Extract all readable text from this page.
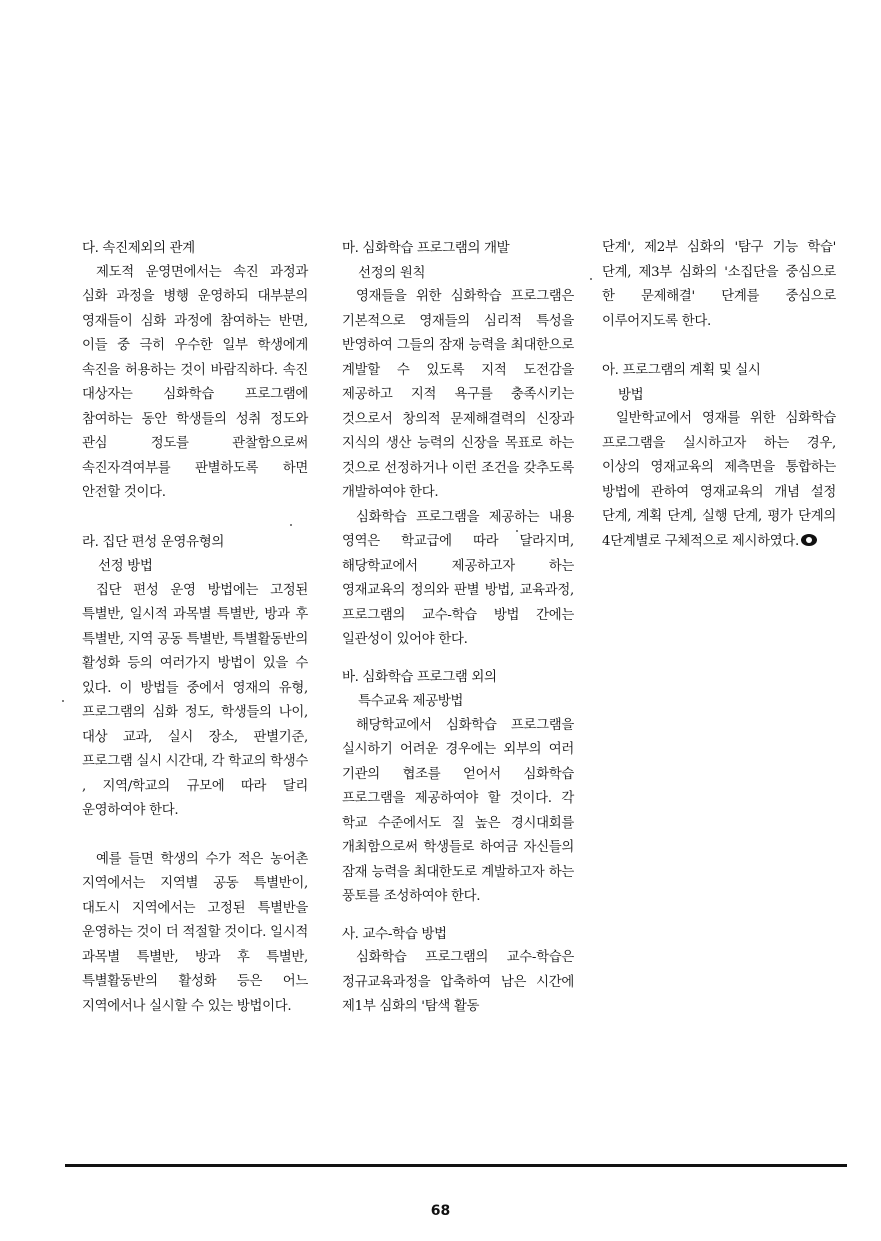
다. 속진제외의 관계

제도적 운영면에서는 속진 과정과 심화 과정을 병행 운영하되 대부분의 영재들이 심화 과정에 참여하는 반면, 이들 중 극히 우수한 일부 학생에게 속진을 허용하는 것이 바람직하다. 속진 대상자는 심화학습 프로그램에 참여하는 동안 학생들의 성취 정도와 관심 정도를 관찰함으로써 속진자격여부를 판별하도록 하면 안전할 것이다.

라. 집단 편성 운영유형의
선정 방법

집단 편성 운영 방법에는 고정된 특별반, 일시적 과목별 특별반, 방과 후 특별반, 지역 공동 특별반, 특별활동반의 활성화 등의 여러가지 방법이 있을 수 있다. 이 방법들 중에서 영재의 유형, 프로그램의 심화 정도, 학생들의 나이, 대상 교과, 실시 장소, 판별기준, 프로그램 실시 시간대, 각 학교의 학생수 , 지역/학교의 규모에 따라 달리 운영하여야 한다.

예를 들면 학생의 수가 적은 농어촌 지역에서는 지역별 공동 특별반이, 대도시 지역에서는 고정된 특별반을 운영하는 것이 더 적절할 것이다. 일시적 과목별 특별반, 방과 후 특별반, 특별활동반의 활성화 등은 어느 지역에서나 실시할 수 있는 방법이다.

마. 심화학습 프로그램의 개발
선정의 원칙

영재들을 위한 심화학습 프로그램은 기본적으로 영재들의 심리적 특성을 반영하여 그들의 잠재 능력을 최대한으로 계발할 수 있도록 지적 도전감을 제공하고 지적 욕구를 충족시키는 것으로서 창의적 문제해결력의 신장과 지식의 생산 능력의 신장을 목표로 하는 것으로 선정하거나 이런 조건을 갖추도록 개발하여야 한다.

심화학습 프로그램을 제공하는 내용 영역은 학교급에 따라 달라지며, 해당학교에서 제공하고자 하는 영재교육의 정의와 판별 방법, 교육과정, 프로그램의 교수-학습 방법 간에는 일관성이 있어야 한다.

바. 심화학습 프로그램 외의
특수교육 제공방법

해당학교에서 심화학습 프로그램을 실시하기 어려운 경우에는 외부의 여러 기관의 협조를 얻어서 심화학습 프로그램을 제공하여야 할 것이다. 각 학교 수준에서도 질 높은 경시대회를 개최함으로써 학생들로 하여금 자신들의 잠재 능력을 최대한도로 계발하고자 하는 풍토를 조성하여야 한다.

사. 교수-학습 방법

심화학습 프로그램의 교수-학습은 정규교육과정을 압축하여 남은 시간에 제1부 심화의 '탐색 활동

단계', 제2부 심화의 '탐구 기능 학습' 단계, 제3부 심화의 '소집단을 중심으로 한 문제해결' 단계를 중심으로 이루어지도록 한다.

아. 프로그램의 계획 및 실시
방법

일반학교에서 영재를 위한 심화학습 프로그램을 실시하고자 하는 경우, 이상의 영재교육의 제측면을 통합하는 방법에 관하여 영재교육의 개념 설정 단계, 계획 단계, 실행 단계, 평가 단계의 4단계별로 구체적으로 제시하였다.

68
